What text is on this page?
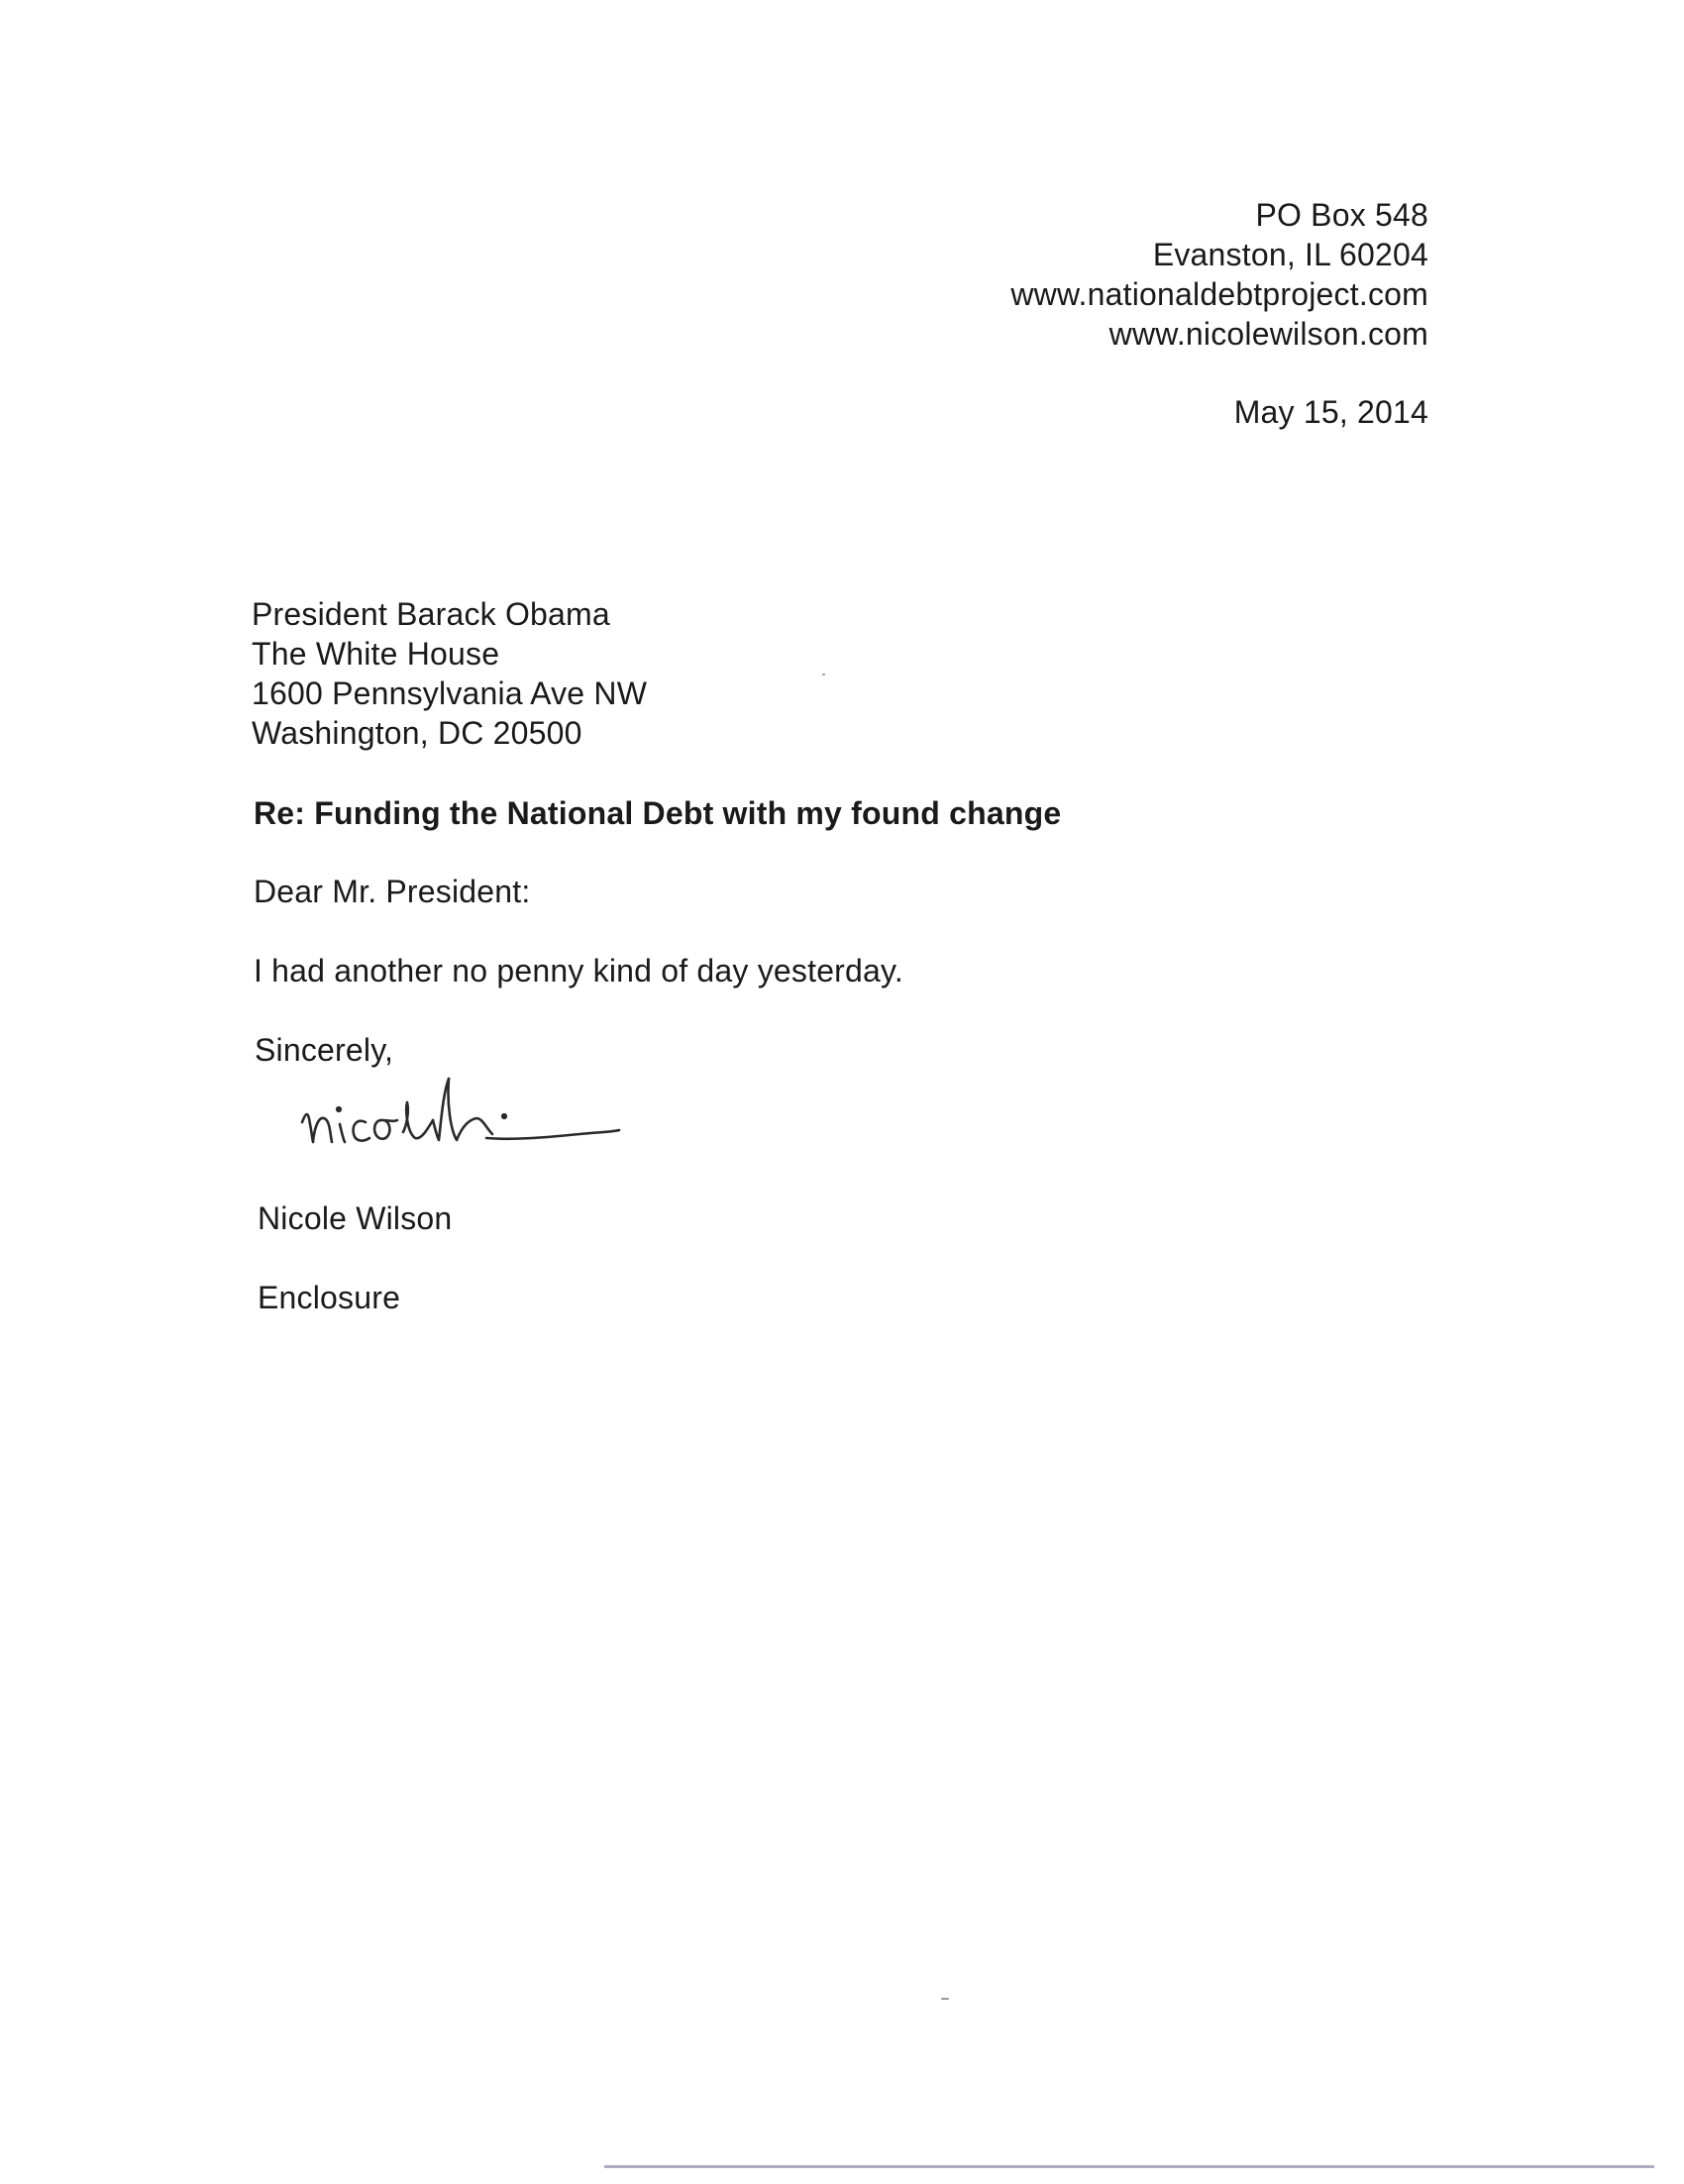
PO Box 548
Evanston, IL 60204
www.nationaldebtproject.com
www.nicolewilson.com
May 15, 2014
President Barack Obama
The White House
1600 Pennsylvania Ave NW
Washington, DC 20500
Re: Funding the National Debt with my found change
Dear Mr. President:
I had another no penny kind of day yesterday.
Sincerely,
Nicole Wilson
Enclosure
